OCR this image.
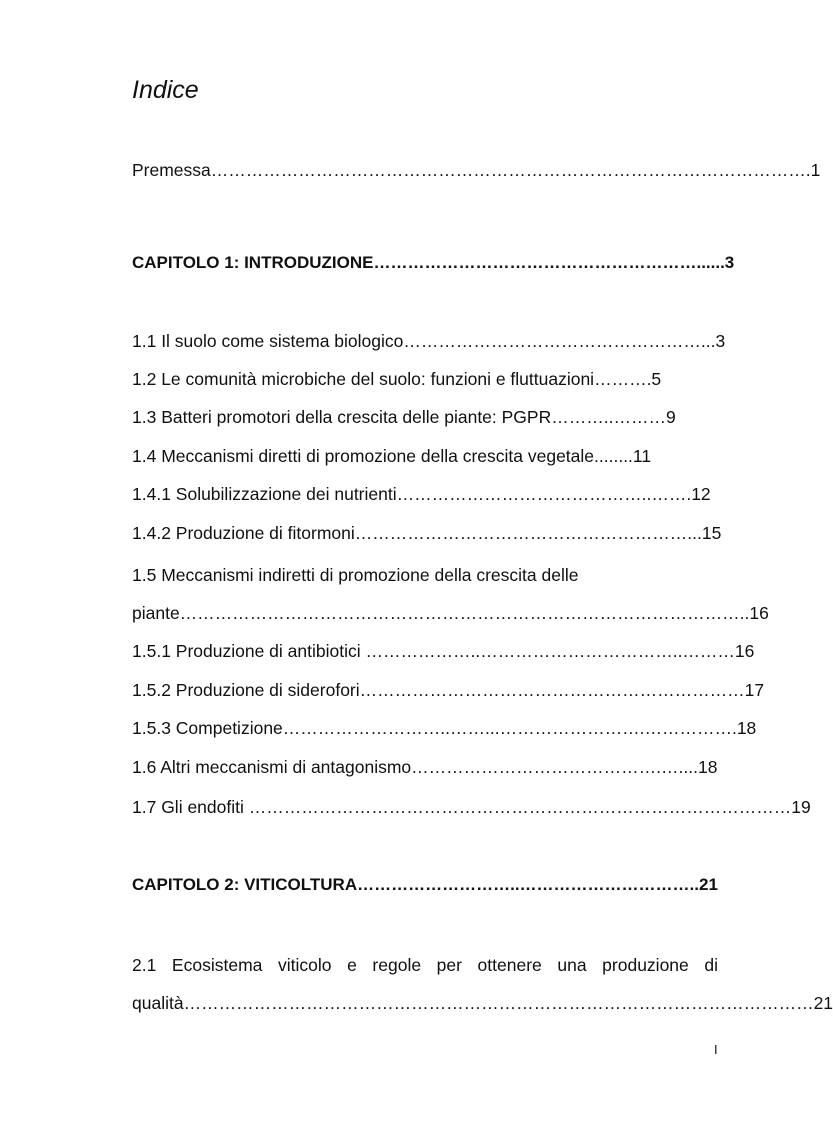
Indice
Premessa………………………………………………………………………………………….1
CAPITOLO 1: INTRODUZIONE…………………………………………………......3
1.1 Il suolo come sistema biologico……………………………………………...3
1.2 Le comunità microbiche del suolo: funzioni e fluttuazioni……….5
1.3 Batteri promotori della crescita delle piante: PGPR………..………9
1.4 Meccanismi diretti di promozione della crescita vegetale........11
1.4.1 Solubilizzazione dei nutrienti……………………………………..…….12
1.4.2 Produzione di fitormoni…………………………………………………...15
1.5 Meccanismi indiretti di promozione della crescita delle
piante……………………………………………………………………………………..16
1.5.1 Produzione di antibiotici ………………..……………………………..………16
1.5.2 Produzione di siderofori…………………………………………………………17
1.5.3 Competizione………………………..……...…………………….…………….18
1.6 Altri meccanismi di antagonismo…………………………………….…....18
1.7 Gli endofiti …………………………………………………………………………………19
CAPITOLO 2: VITICOLTURA………………………..…………………………..21
2.1 Ecosistema viticolo e regole per ottenere una produzione di
qualità………………………………………………………………………………………………21
I
